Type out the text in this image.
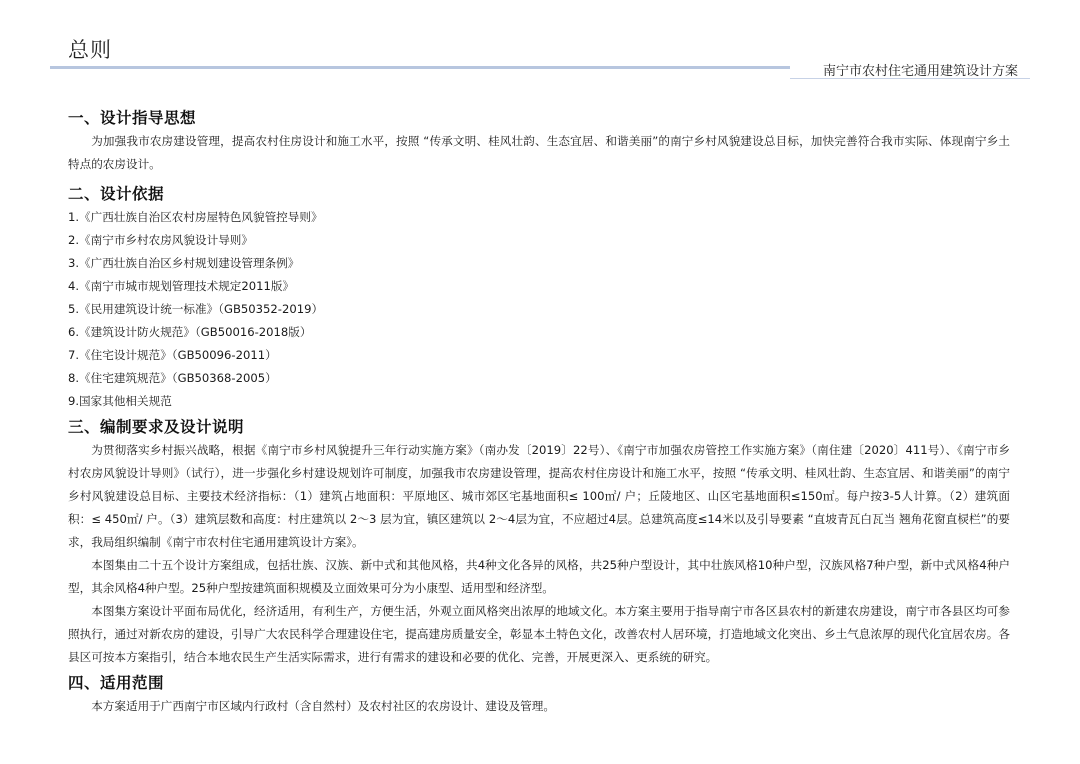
总则
南宁市农村住宅通用建筑设计方案
一、设计指导思想

为加强我市农房建设管理，提高农村住房设计和施工水平，按照 “传承文明、桂风壮韵、生态宜居、和谐美丽”的南宁乡村风貌建设总目标，加快完善符合我市实际、体现南宁乡土特点的农房设计。

二、设计依据

1.《广西壮族自治区农村房屋特色风貌管控导则》

2.《南宁市乡村农房风貌设计导则》

3.《广西壮族自治区乡村规划建设管理条例》

4.《南宁市城市规划管理技术规定2011版》

5.《民用建筑设计统一标准》（GB50352-2019）

6.《建筑设计防火规范》（GB50016-2018版）

7.《住宅设计规范》（GB50096-2011）

8.《住宅建筑规范》（GB50368-2005）

9.国家其他相关规范

三、编制要求及设计说明

为贯彻落实乡村振兴战略，根据《南宁市乡村风貌提升三年行动实施方案》（南办发〔2019〕22号）、《南宁市加强农房管控工作实施方案》（南住建〔2020〕411号）、《南宁市乡村农房风貌设计导则》（试行），进一步强化乡村建设规划许可制度，加强我市农房建设管理，提高农村住房设计和施工水平，按照 “传承文明、桂风壮韵、生态宜居、和谐美丽”的南宁乡村风貌建设总目标、主要技术经济指标：（1）建筑占地面积：平原地区、城市郊区宅基地面积≤ 100㎡/ 户；丘陵地区、山区宅基地面积≤150㎡。每户按3-5人计算。（2）建筑面积：≤ 450㎡/ 户。（3）建筑层数和高度：村庄建筑以 2～3 层为宜，镇区建筑以 2～4层为宜，不应超过4层。总建筑高度≤14米以及引导要素 “直坡青瓦白瓦当 翘角花窗直棂栏”的要求，我局组织编制《南宁市农村住宅通用建筑设计方案》。

本图集由二十五个设计方案组成，包括壮族、汉族、新中式和其他风格，共4种文化各异的风格，共25种户型设计，其中壮族风格10种户型，汉族风格7种户型，新中式风格4种户型，其余风格4种户型。25种户型按建筑面积规模及立面效果可分为小康型、适用型和经济型。

本图集方案设计平面布局优化，经济适用，有利生产，方便生活，外观立面风格突出浓厚的地域文化。本方案主要用于指导南宁市各区县农村的新建农房建设，南宁市各县区均可参照执行，通过对新农房的建设，引导广大农民科学合理建设住宅，提高建房质量安全，彰显本土特色文化，改善农村人居环境，打造地域文化突出、乡土气息浓厚的现代化宜居农房。各县区可按本方案指引，结合本地农民生产生活实际需求，进行有需求的建设和必要的优化、完善，开展更深入、更系统的研究。

四、适用范围

本方案适用于广西南宁市区域内行政村（含自然村）及农村社区的农房设计、建设及管理。
